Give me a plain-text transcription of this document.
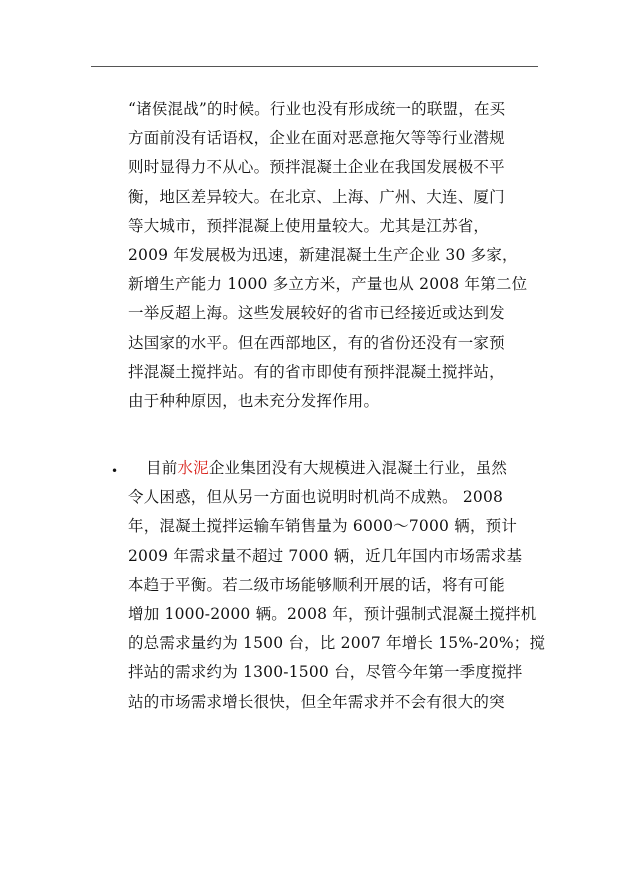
“诸侯混战”的时候。行业也没有形成统一的联盟，在买
方面前没有话语权，企业在面对恶意拖欠等等行业潜规
则时显得力不从心。预拌混凝土企业在我国发展极不平
衡，地区差异较大。在北京、上海、广州、大连、厦门
等大城市，预拌混凝上使用量较大。尤其是江苏省，
2009 年发展极为迅速，新建混凝土生产企业 30 多家，
新增生产能力 1000 多立方米，产量也从 2008 年第二位
一举反超上海。这些发展较好的省市已经接近或达到发
达国家的水平。但在西部地区，有的省份还没有一家预
拌混凝土搅拌站。有的省市即使有预拌混凝土搅拌站，
由于种种原因，也未充分发挥作用。
•	目前水泥企业集团没有大规模进入混凝土行业，虽然
令人困惑，但从另一方面也说明时机尚不成熟。 2008
年，混凝土搅拌运输车销售量为 6000～7000 辆，预计
2009 年需求量不超过 7000 辆，近几年国内市场需求基
本趋于平衡。若二级市场能够顺利开展的话，将有可能
增加 1000-2000 辆。2008 年，预计强制式混凝土搅拌机
的总需求量约为 1500 台，比 2007 年增长 15%-20%；搅
拌站的需求约为 1300-1500 台，尽管今年第一季度搅拌
站的市场需求增长很快，但全年需求并不会有很大的突
